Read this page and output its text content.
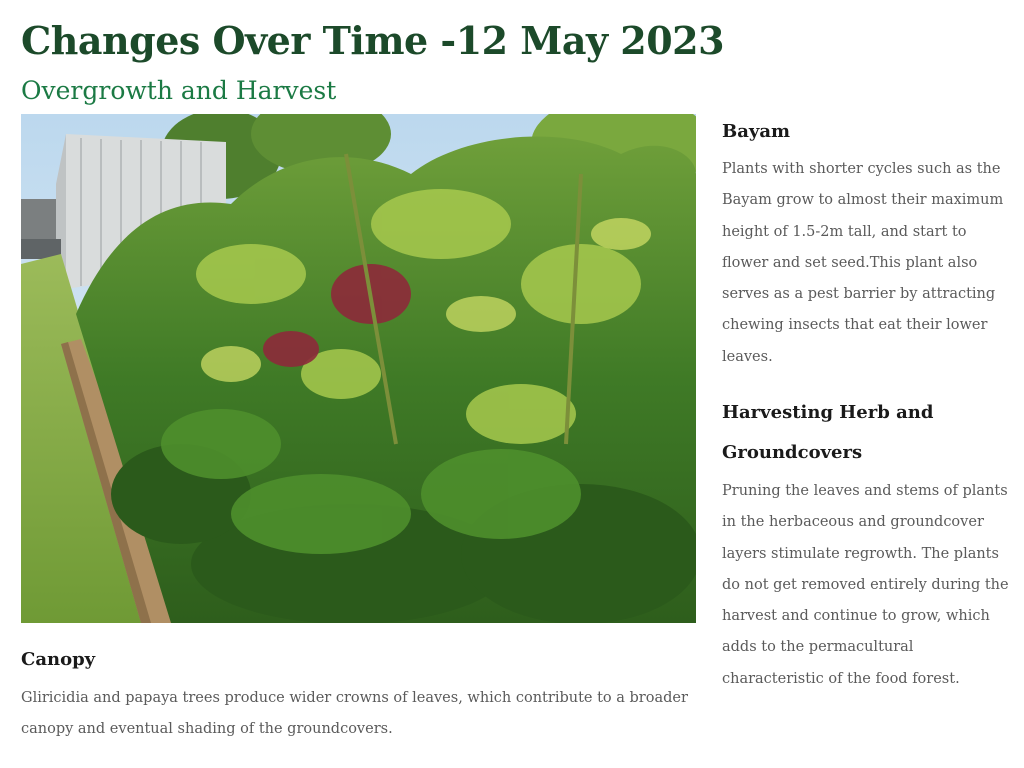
Changes Over Time -12 May 2023
Overgrowth and Harvest
Canopy

Gliricidia and papaya trees produce wider crowns of leaves, which contribute to a broader canopy and eventual shading of the groundcovers.

Bayam

Plants with shorter cycles such as the Bayam grow to almost their maximum height of 1.5-2m tall, and start to flower and set seed.This plant also serves as a pest barrier by attracting chewing insects that eat their lower leaves.

Harvesting Herb and Groundcovers

Pruning the leaves and stems of plants in the herbaceous and groundcover layers stimulate regrowth. The plants do not get removed entirely during the harvest and continue to grow, which adds to the permacultural characteristic of the food forest.
